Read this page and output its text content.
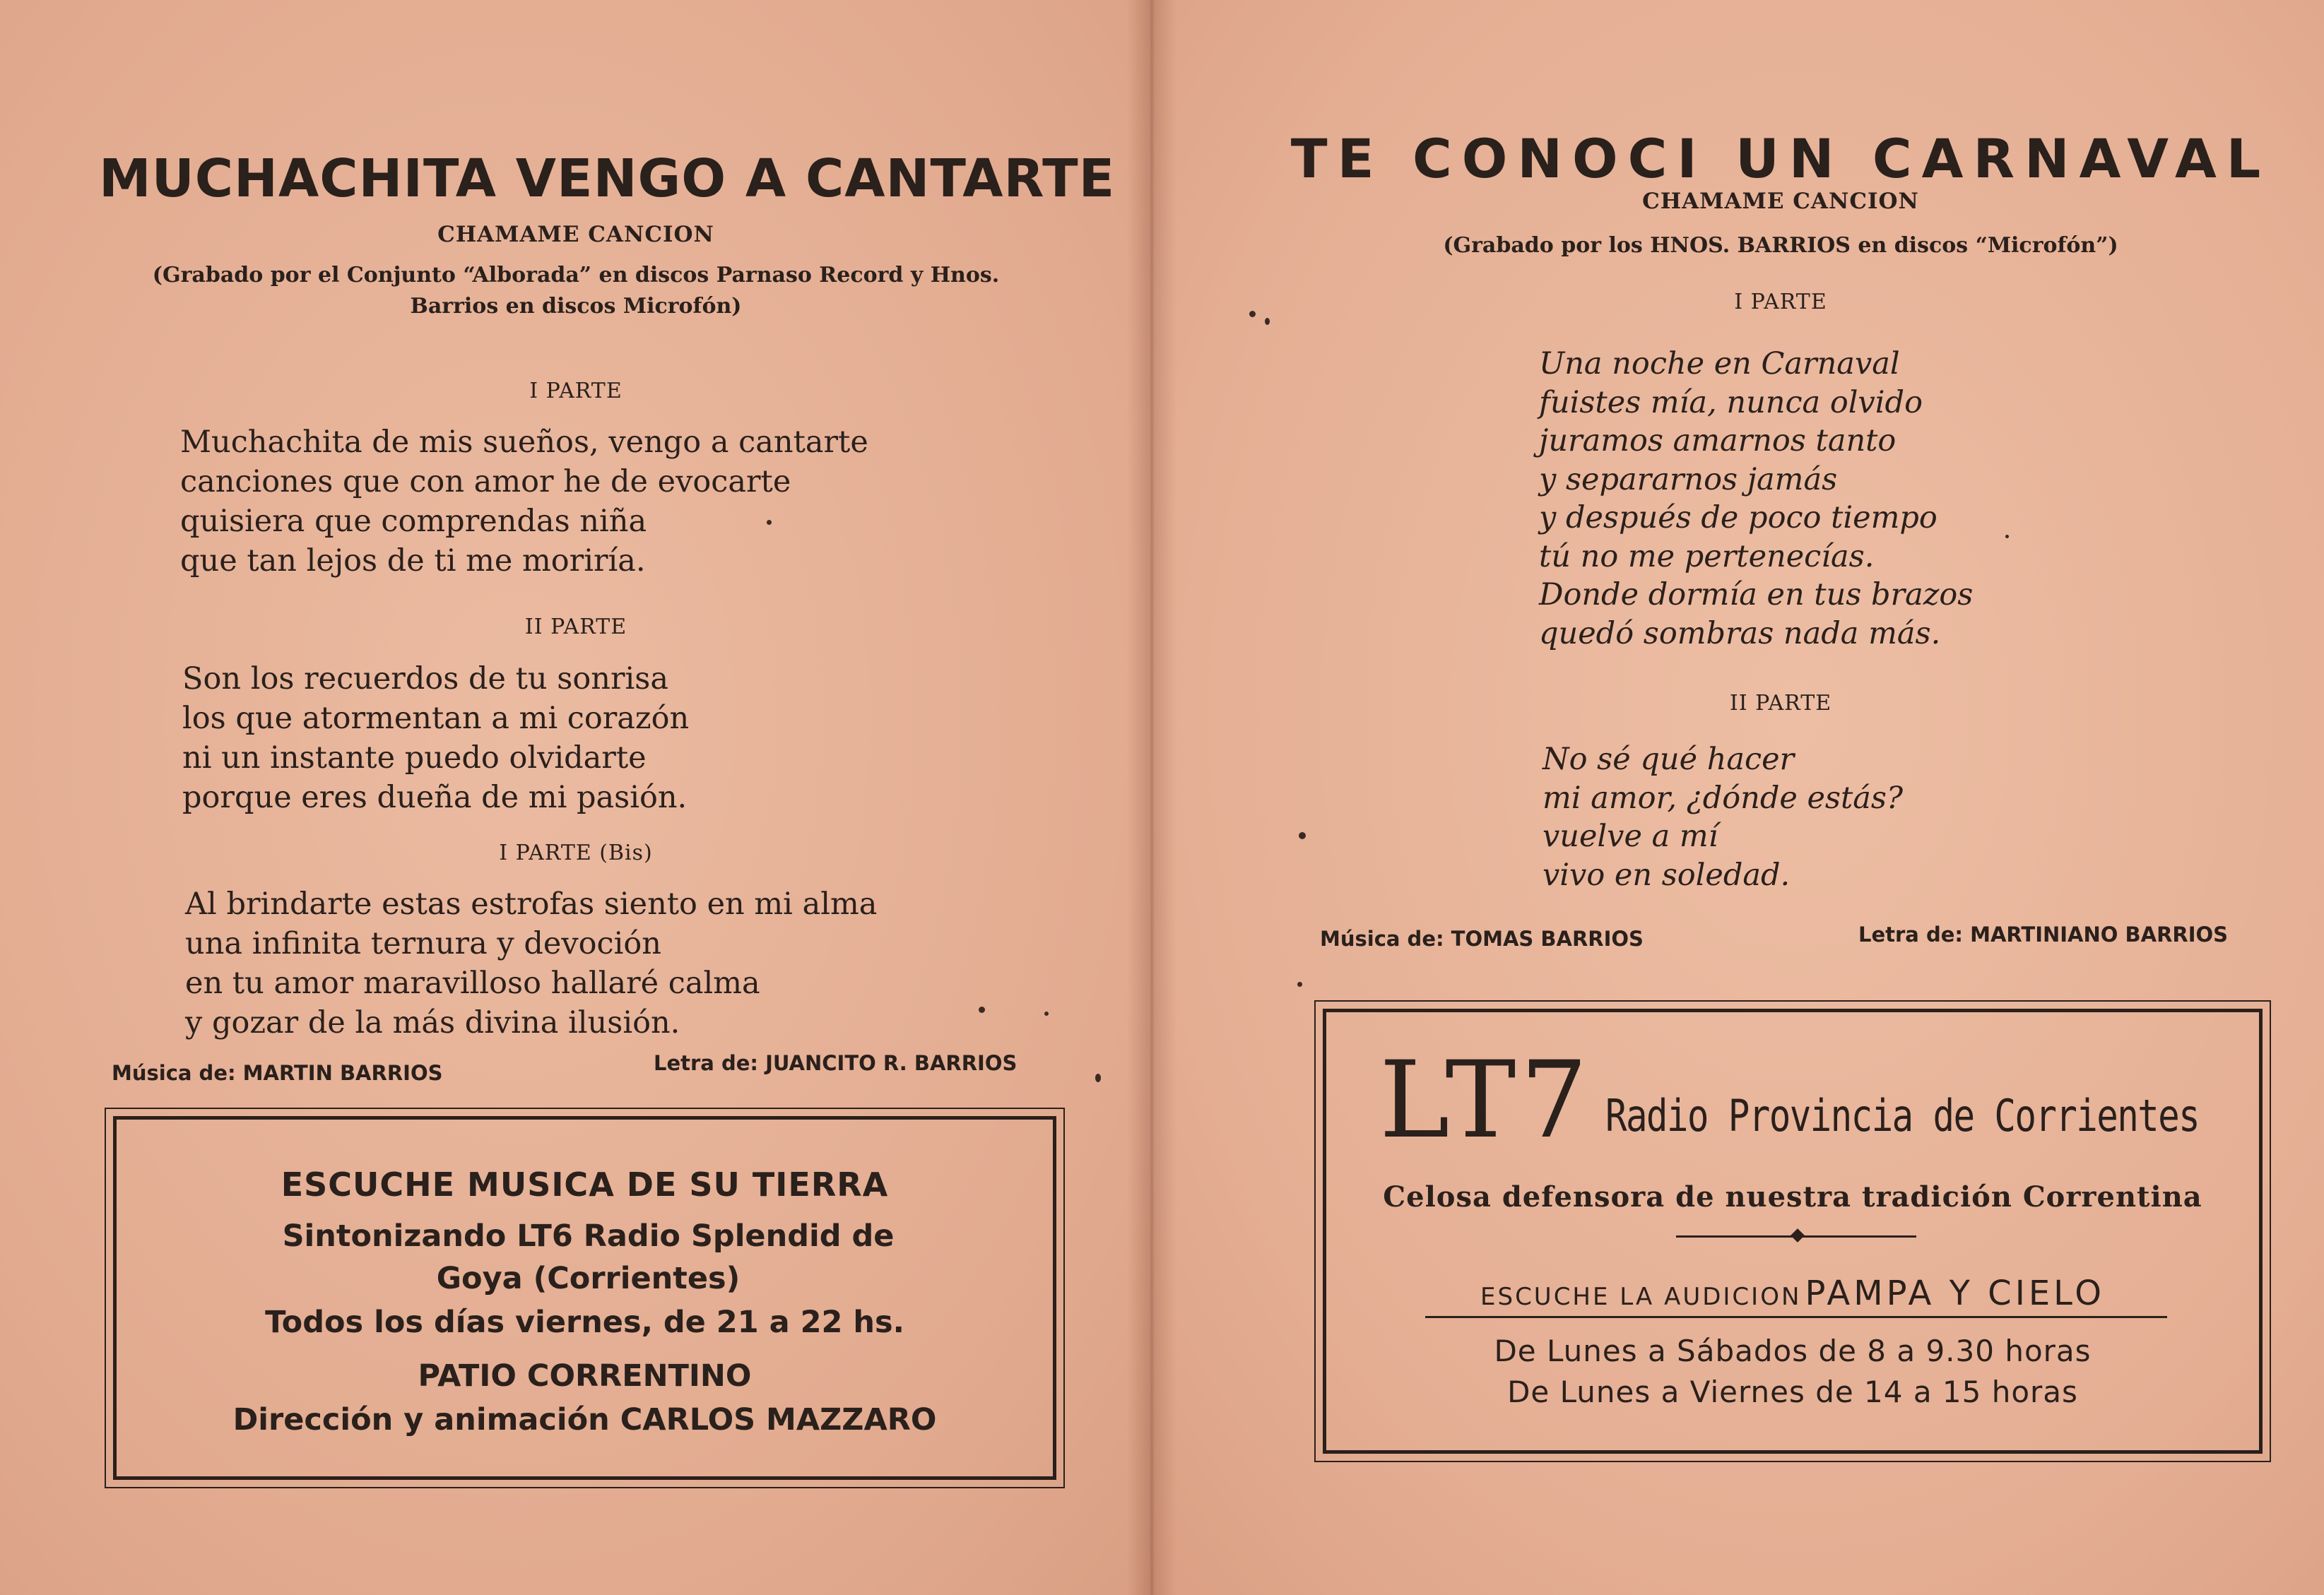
MUCHACHITA VENGO A CANTARTE
CHAMAME CANCION
(Grabado por el Conjunto “Alborada” en discos Parnaso Record y Hnos. Barrios en discos Microfón)
I PARTE
Muchachita de mis sueños, vengo a cantarte
canciones que con amor he de evocarte
quisiera que comprendas niña
que tan lejos de ti me moriría.
II PARTE
Son los recuerdos de tu sonrisa
los que atormentan a mi corazón
ni un instante puedo olvidarte
porque eres dueña de mi pasión.
I PARTE (Bis)
Al brindarte estas estrofas siento en mi alma
una infinita ternura y devoción
en tu amor maravilloso hallaré calma
y gozar de la más divina ilusión.
Música de: MARTIN BARRIOS	Letra de: JUANCITO R. BARRIOS
ESCUCHE MUSICA DE SU TIERRA
Sintonizando LT6 Radio Splendid de Goya (Corrientes)
Todos los días viernes, de 21 a 22 hs.
PATIO CORRENTINO
Dirección y animación CARLOS MAZZARO
TE CONOCI UN CARNAVAL
CHAMAME CANCION
(Grabado por los HNOS. BARRIOS en discos “Microfón”)
I PARTE
Una noche en Carnaval
fuistes mía, nunca olvido
juramos amarnos tanto
y separarnos jamás
y después de poco tiempo
tú no me pertenecías.
Donde dormía en tus brazos
quedó sombras nada más.
II PARTE
No sé qué hacer
mi amor, ¿dónde estás?
vuelve a mí
vivo en soledad.
Música de: TOMAS BARRIOS	Letra de: MARTINIANO BARRIOS
LT7 Radio Provincia de Corrientes
Celosa defensora de nuestra tradición Correntina
ESCUCHE LA AUDICION PAMPA Y CIELO
De Lunes a Sábados de 8 a 9.30 horas
De Lunes a Viernes de 14 a 15 horas
